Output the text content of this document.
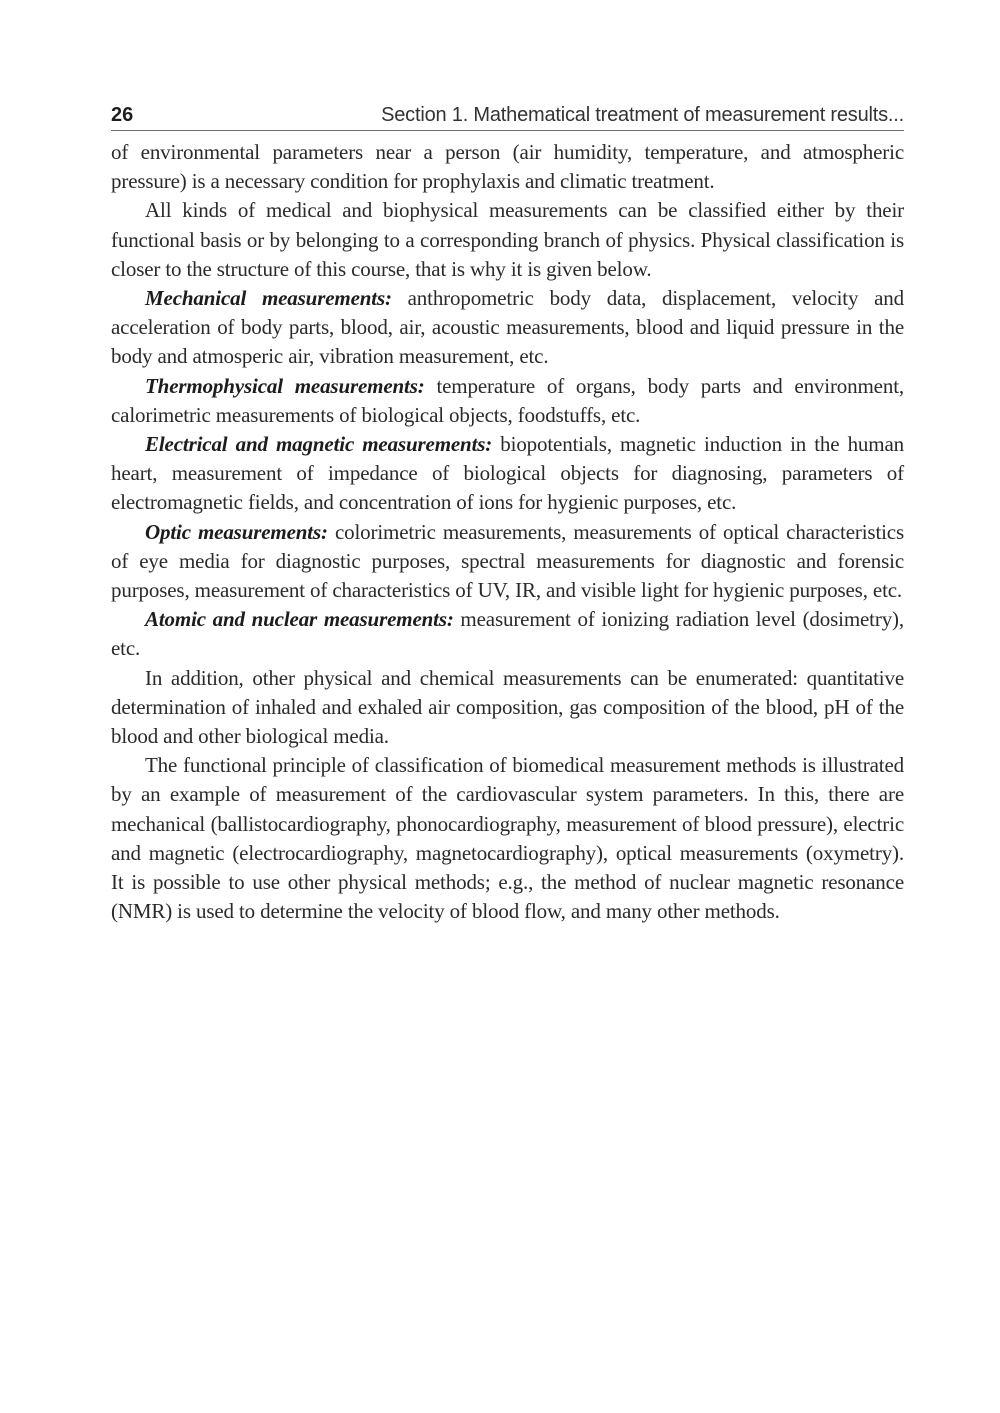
26	Section 1. Mathematical treatment of measurement results...

of environmental parameters near a person (air humidity, temperature, and atmospheric pressure) is a necessary condition for prophylaxis and climatic treatment.

All kinds of medical and biophysical measurements can be classified either by their functional basis or by belonging to a corresponding branch of physics. Physical classification is closer to the structure of this course, that is why it is given below.

Mechanical measurements: anthropometric body data, displacement, velocity and acceleration of body parts, blood, air, acoustic measurements, blood and liquid pressure in the body and atmosperic air, vibration measurement, etc.

Thermophysical measurements: temperature of organs, body parts and environment, calorimetric measurements of biological objects, foodstuffs, etc.

Electrical and magnetic measurements: biopotentials, magnetic induction in the human heart, measurement of impedance of biological objects for diagnosing, parameters of electromagnetic fields, and concentration of ions for hygienic purposes, etc.

Optic measurements: colorimetric measurements, measurements of optical characteristics of eye media for diagnostic purposes, spectral measurements for diagnostic and forensic purposes, measurement of characteristics of UV, IR, and visible light for hygienic purposes, etc.

Atomic and nuclear measurements: measurement of ionizing radiation level (dosimetry), etc.

In addition, other physical and chemical measurements can be enumerated: quantitative determination of inhaled and exhaled air composition, gas composition of the blood, pH of the blood and other biological media.

The functional principle of classification of biomedical measurement methods is illustrated by an example of measurement of the cardiovascular system parameters. In this, there are mechanical (ballistocardiography, phonocardiography, measurement of blood pressure), electric and magnetic (electrocardiography, magnetocardiography), optical measurements (oxymetry). It is possible to use other physical methods; e.g., the method of nuclear magnetic resonance (NMR) is used to determine the velocity of blood flow, and many other methods.
